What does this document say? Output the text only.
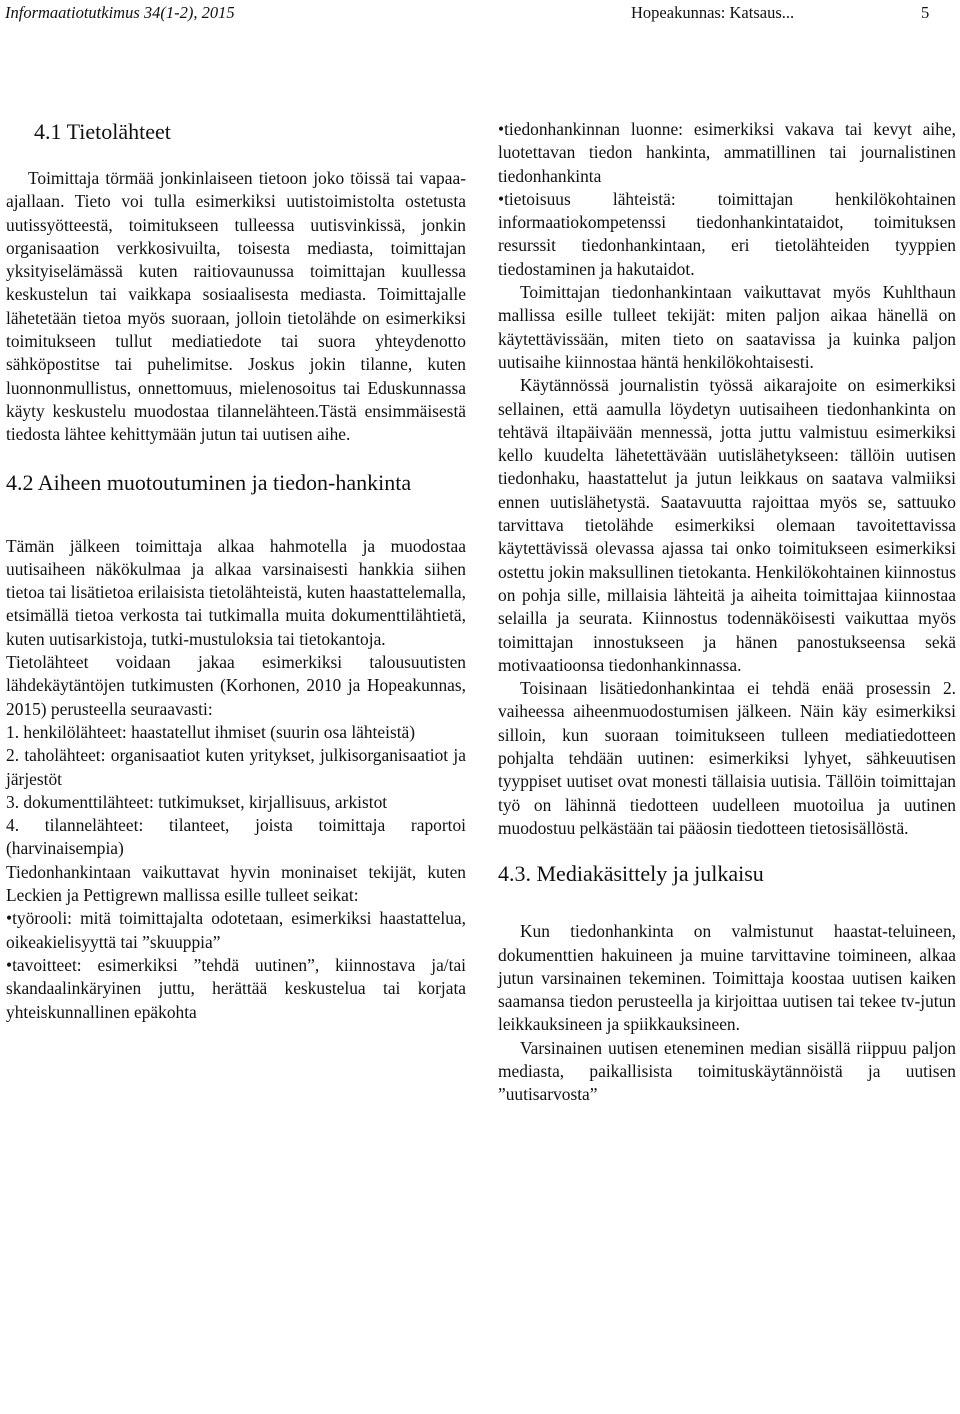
Informaatiotutkimus 34(1-2), 2015	Hopeakunnas: Katsaus...	5
4.1 Tietolähteet

Toimittaja törmää jonkinlaiseen tietoon joko töissä tai vapaa-ajallaan. Tieto voi tulla esimerkiksi uutistoimistolta ostetusta uutissyötteestä, toimitukseen tulleessa uutisvinkissä, jonkin organisaation verkkosivuilta, toisesta mediasta, toimittajan yksityiselämässä kuten raitiovaunussa toimittajan kuullessa keskustelun tai vaikkapa sosiaalisesta mediasta. Toimittajalle lähetetään tietoa myös suoraan, jolloin tietolähde on esimerkiksi toimitukseen tullut mediatiedote tai suora yhteydenotto sähköpostitse tai puhelimitse. Joskus jokin tilanne, kuten luonnonmullistus, onnettomuus, mielenosoitus tai Eduskunnassa käyty keskustelu muodostaa tilannelähteen.Tästä ensimmäisestä tiedosta lähtee kehittymään jutun tai uutisen aihe.

4.2 Aiheen muotoutuminen ja tiedon-hankinta

Tämän jälkeen toimittaja alkaa hahmotella ja muodostaa uutisaiheen näkökulmaa ja alkaa varsinaisesti hankkia siihen tietoa tai lisätietoa erilaisista tietolähteistä, kuten haastattelemalla, etsimällä tietoa verkosta tai tutkimalla muita dokumenttilähtietä, kuten uutisarkistoja, tutki-mustuloksia tai tietokantoja.

Tietolähteet voidaan jakaa esimerkiksi talousuutisten lähdekäytäntöjen tutkimusten (Korhonen, 2010 ja Hopeakunnas, 2015) perusteella seuraavasti:

1. henkilölähteet: haastatellut ihmiset (suurin osa lähteistä)

2. taholähteet: organisaatiot kuten yritykset, julkisorganisaatiot ja järjestöt

3. dokumenttilähteet: tutkimukset, kirjallisuus, arkistot

4. tilannelähteet: tilanteet, joista toimittaja raportoi (harvinaisempia)

Tiedonhankintaan vaikuttavat hyvin moninaiset tekijät, kuten Leckien ja Pettigrewn mallissa esille tulleet seikat:

•työrooli: mitä toimittajalta odotetaan, esimerkiksi haastattelua, oikeakielisyyttä tai ”skuuppia”

•tavoitteet: esimerkiksi ”tehdä uutinen”, kiinnostava ja/tai skandaalinkäryinen juttu, herättää keskustelua tai korjata yhteiskunnallinen epäkohta

•tiedonhankinnan luonne: esimerkiksi vakava tai kevyt aihe, luotettavan tiedon hankinta, ammatillinen tai journalistinen tiedonhankinta

•tietoisuus lähteistä: toimittajan henkilökohtainen informaatiokompetenssi tiedonhankintataidot, toimituksen resurssit tiedonhankintaan, eri tietolähteiden tyyppien tiedostaminen ja hakutaidot.

Toimittajan tiedonhankintaan vaikuttavat myös Kuhlthaun mallissa esille tulleet tekijät: miten paljon aikaa hänellä on käytettävissään, miten tieto on saatavissa ja kuinka paljon uutisaihe kiinnostaa häntä henkilökohtaisesti.

Käytännössä journalistin työssä aikarajoite on esimerkiksi sellainen, että aamulla löydetyn uutisaiheen tiedonhankinta on tehtävä iltapäivään mennessä, jotta juttu valmistuu esimerkiksi kello kuudelta lähetettävään uutislähetykseen: tällöin uutisen tiedonhaku, haastattelut ja jutun leikkaus on saatava valmiiksi ennen uutislähetystä. Saatavuutta rajoittaa myös se, sattuuko tarvittava tietolähde esimerkiksi olemaan tavoitettavissa käytettävissä olevassa ajassa tai onko toimitukseen esimerkiksi ostettu jokin maksullinen tietokanta. Henkilökohtainen kiinnostus on pohja sille, millaisia lähteitä ja aiheita toimittajaa kiinnostaa selailla ja seurata. Kiinnostus todennäköisesti vaikuttaa myös toimittajan innostukseen ja hänen panostukseensa sekä motivaatioonsa tiedonhankinnassa.

Toisinaan lisätiedonhankintaa ei tehdä enää prosessin 2. vaiheessa aiheenmuodostumisen jälkeen. Näin käy esimerkiksi silloin, kun suoraan toimitukseen tulleen mediatiedotteen pohjalta tehdään uutinen: esimerkiksi lyhyet, sähkeuutisen tyyppiset uutiset ovat monesti tällaisia uutisia. Tällöin toimittajan työ on lähinnä tiedotteen uudelleen muotoilua ja uutinen muodostuu pelkästään tai pääosin tiedotteen tietosisällöstä.

4.3. Mediakäsittely ja julkaisu

Kun tiedonhankinta on valmistunut haastat-teluineen, dokumenttien hakuineen ja muine tarvittavine toimineen, alkaa jutun varsinainen tekeminen. Toimittaja koostaa uutisen kaiken saamansa tiedon perusteella ja kirjoittaa uutisen tai tekee tv-jutun leikkauksineen ja spiikkauksineen.

Varsinainen uutisen eteneminen median sisällä riippuu paljon mediasta, paikallisista toimituskäytännöistä ja uutisen ”uutisarvosta”
